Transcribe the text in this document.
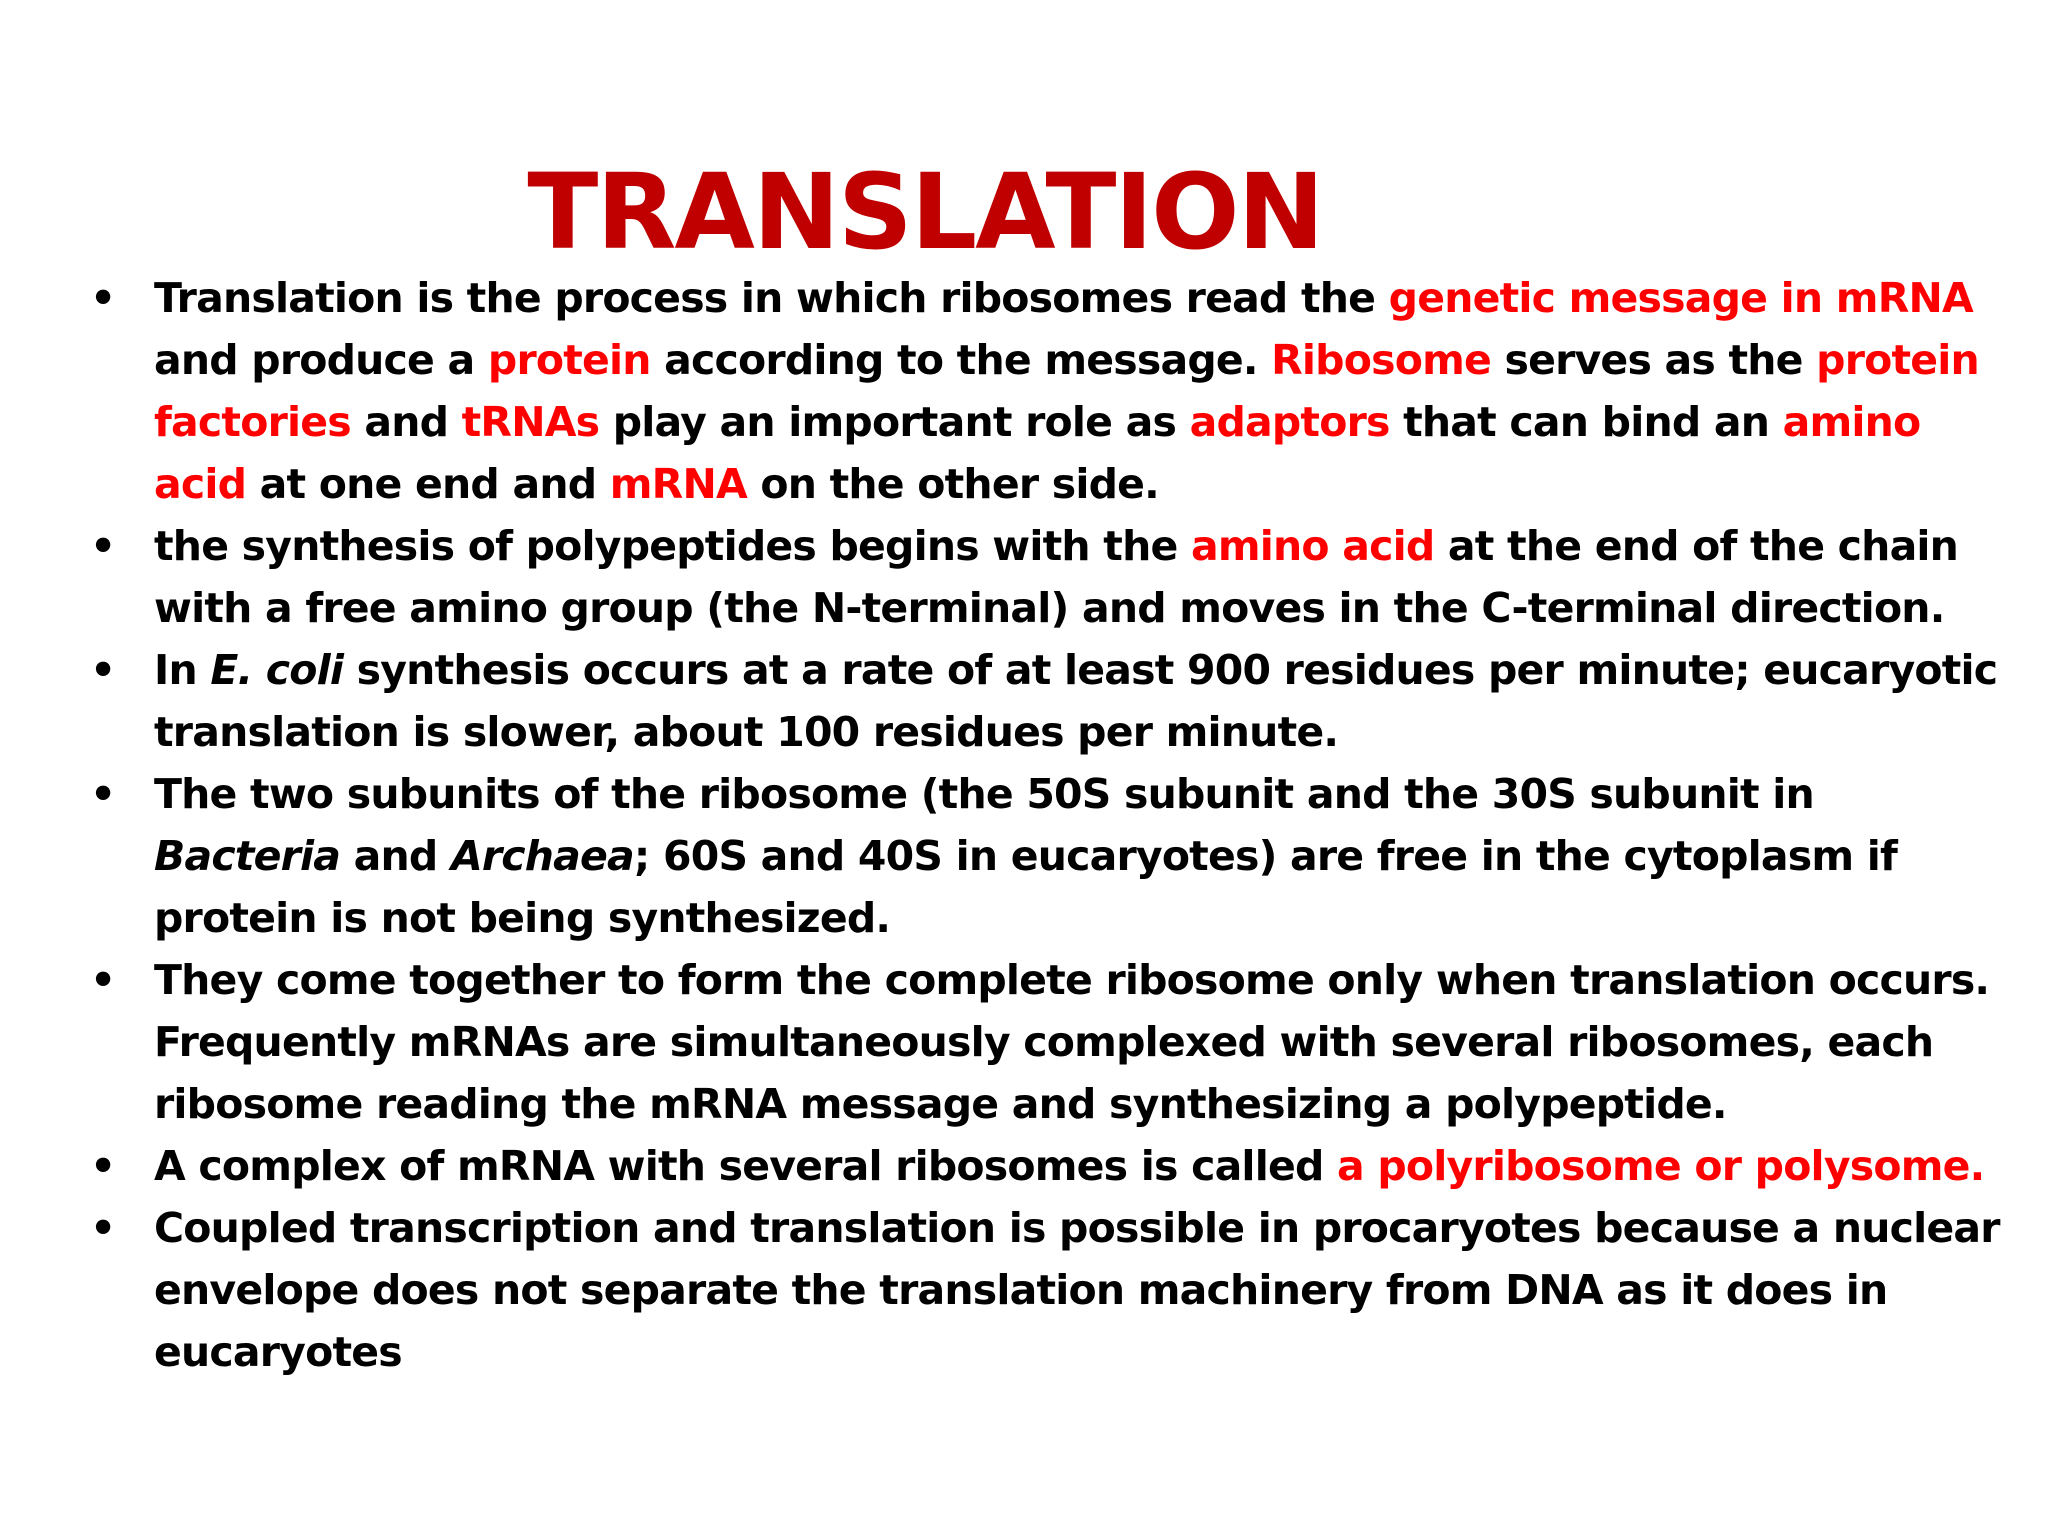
TRANSLATION
• Translation is the process in which ribosomes read the genetic message in mRNA and produce a protein according to the message. Ribosome serves as the protein factories and tRNAs play an important role as adaptors that can bind an amino acid at one end and mRNA on the other side.
• the synthesis of polypeptides begins with the amino acid at the end of the chain with a free amino group (the N-terminal) and moves in the C-terminal direction.
• In E. coli synthesis occurs at a rate of at least 900 residues per minute; eucaryotic translation is slower, about 100 residues per minute.
• The two subunits of the ribosome (the 50S subunit and the 30S subunit in Bacteria and Archaea; 60S and 40S in eucaryotes) are free in the cytoplasm if protein is not being synthesized.
• They come together to form the complete ribosome only when translation occurs. Frequently mRNAs are simultaneously complexed with several ribosomes, each ribosome reading the mRNA message and synthesizing a polypeptide.
• A complex of mRNA with several ribosomes is called a polyribosome or polysome.
• Coupled transcription and translation is possible in procaryotes because a nuclear envelope does not separate the translation machinery from DNA as it does in eucaryotes
